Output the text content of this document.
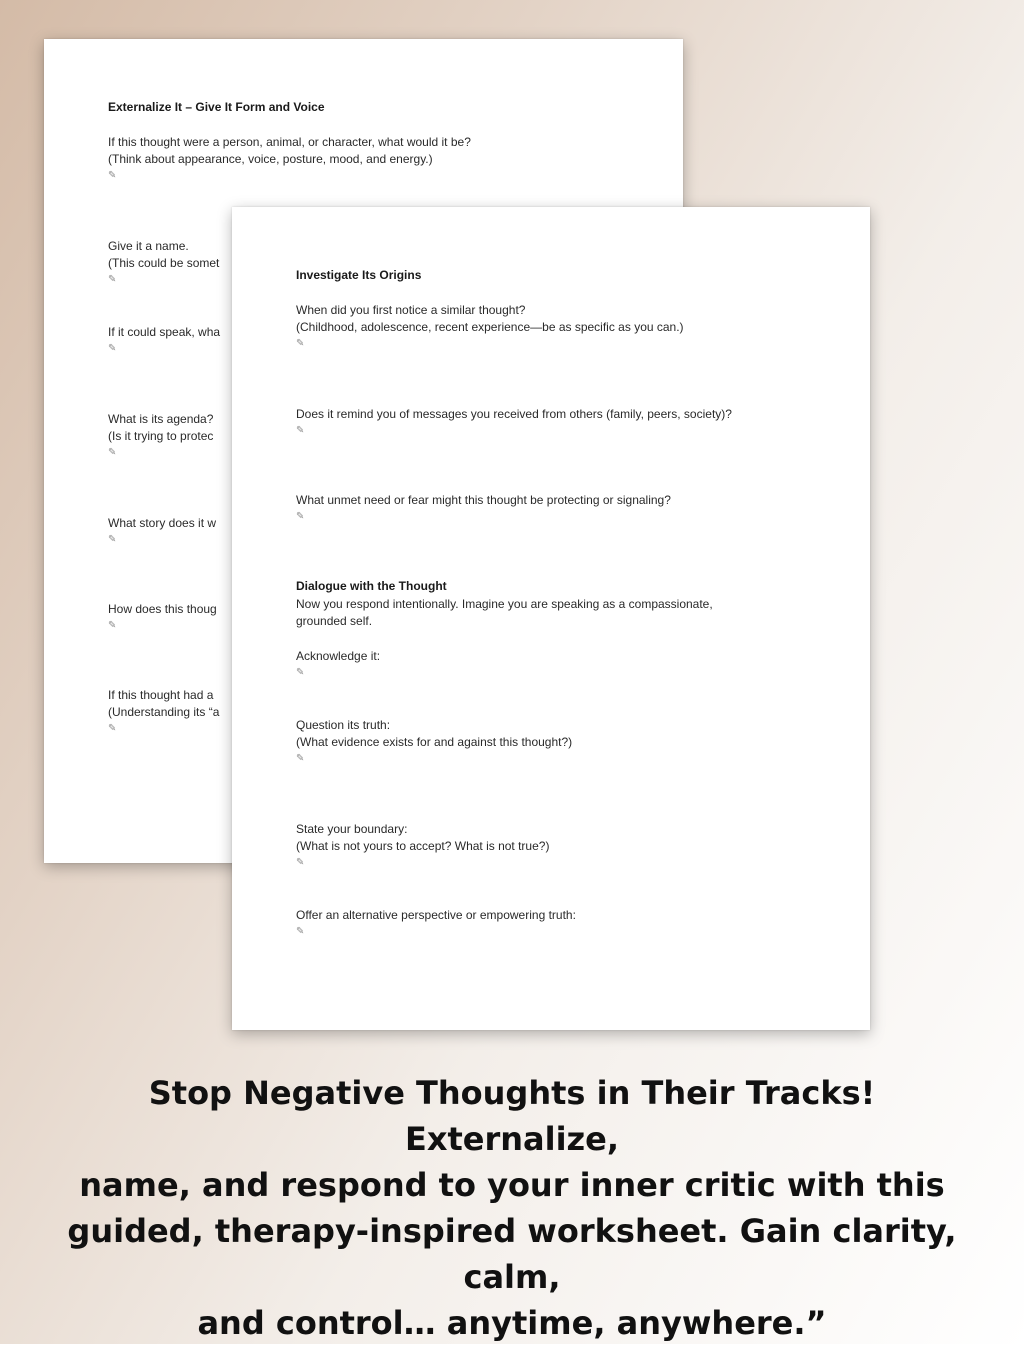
Externalize It – Give It Form and Voice
If this thought were a person, animal, or character, what would it be?
(Think about appearance, voice, posture, mood, and energy.)
✎
Give it a name.
(This could be somet
✎
If it could speak, wha
✎
What is its agenda?
(Is it trying to protec
✎
What story does it w
✎
How does this thoug
✎
If this thought had a
(Understanding its “a
✎
Investigate Its Origins
When did you first notice a similar thought?
(Childhood, adolescence, recent experience—be as specific as you can.)
✎
Does it remind you of messages you received from others (family, peers, society)?
✎
What unmet need or fear might this thought be protecting or signaling?
✎
Dialogue with the Thought
Now you respond intentionally. Imagine you are speaking as a compassionate,
grounded self.
Acknowledge it:
✎
Question its truth:
(What evidence exists for and against this thought?)
✎
State your boundary:
(What is not yours to accept? What is not true?)
✎
Offer an alternative perspective or empowering truth:
✎
Stop Negative Thoughts in Their Tracks! Externalize,
name, and respond to your inner critic with this
guided, therapy-inspired worksheet. Gain clarity, calm,
and control… anytime, anywhere.”
